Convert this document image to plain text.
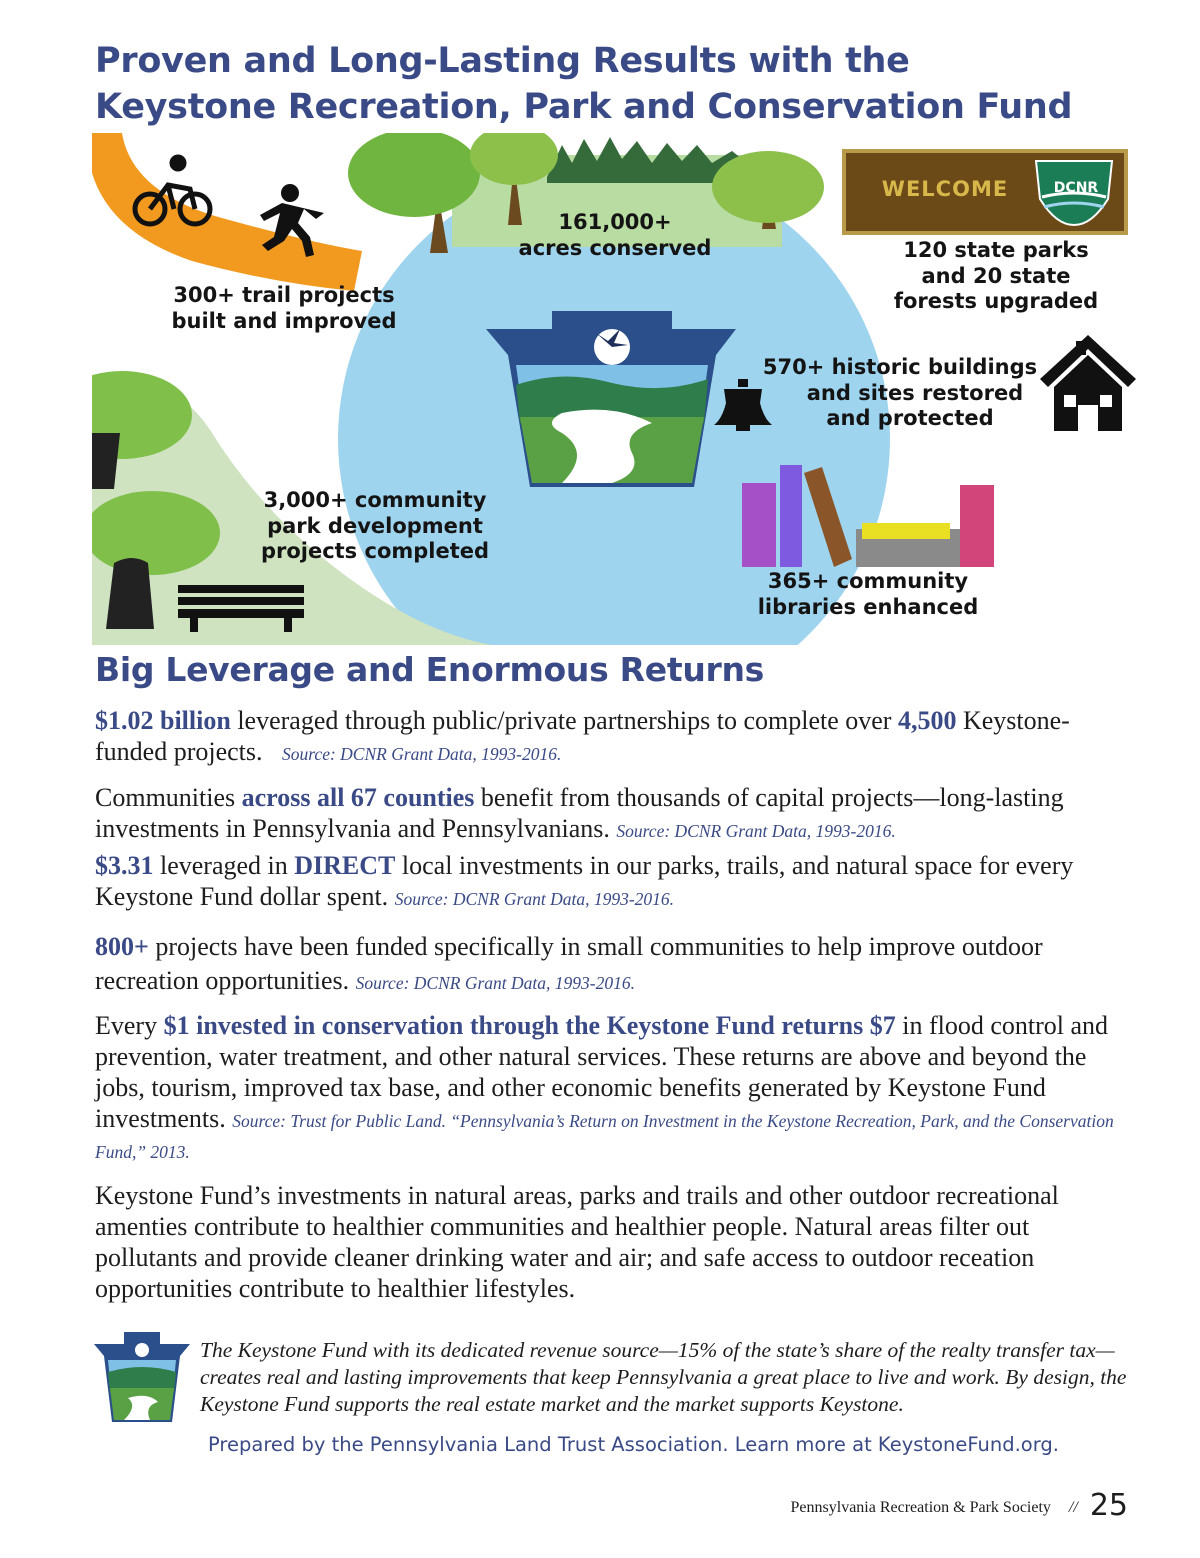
Proven and Long-Lasting Results with the
Keystone Recreation, Park and Conservation Fund
300+ trail projects
built and improved
161,000+
acres conserved	120 state parks
and 20 state
forests upgraded
570+ historic buildings
and sites restored
and protected
3,000+ community
park development
projects completed
365+ community
libraries enhanced
WELCOME	DCNR
Big Leverage and Enormous Returns

$1.02 billion leveraged through public/private partnerships to complete over 4,500 Keystone-funded projects. Source: DCNR Grant Data, 1993-2016.

Communities across all 67 counties benefit from thousands of capital projects—long-lasting investments in Pennsylvania and Pennsylvanians. Source: DCNR Grant Data, 1993-2016.

$3.31 leveraged in DIRECT local investments in our parks, trails, and natural space for every Keystone Fund dollar spent. Source: DCNR Grant Data, 1993-2016.

800+ projects have been funded specifically in small communities to help improve outdoor recreation opportunities. Source: DCNR Grant Data, 1993-2016.

Every $1 invested in conservation through the Keystone Fund returns $7 in flood control and prevention, water treatment, and other natural services. These returns are above and beyond the jobs, tourism, improved tax base, and other economic benefits generated by Keystone Fund investments. Source: Trust for Public Land. “Pennsylvania’s Return on Investment in the Keystone Recreation, Park, and the Conservation Fund,” 2013.

Keystone Fund’s investments in natural areas, parks and trails and other outdoor recreational amenties contribute to healthier communities and healthier people. Natural areas filter out pollutants and provide cleaner drinking water and air; and safe access to outdoor receation opportunities contribute to healthier lifestyles.

The Keystone Fund with its dedicated revenue source—15% of the state’s share of the realty transfer tax—creates real and lasting improvements that keep Pennsylvania a great place to live and work. By design, the Keystone Fund supports the real estate market and the market supports Keystone.

Prepared by the Pennsylvania Land Trust Association. Learn more at KeystoneFund.org.

Pennsylvania Recreation & Park Society // 25
